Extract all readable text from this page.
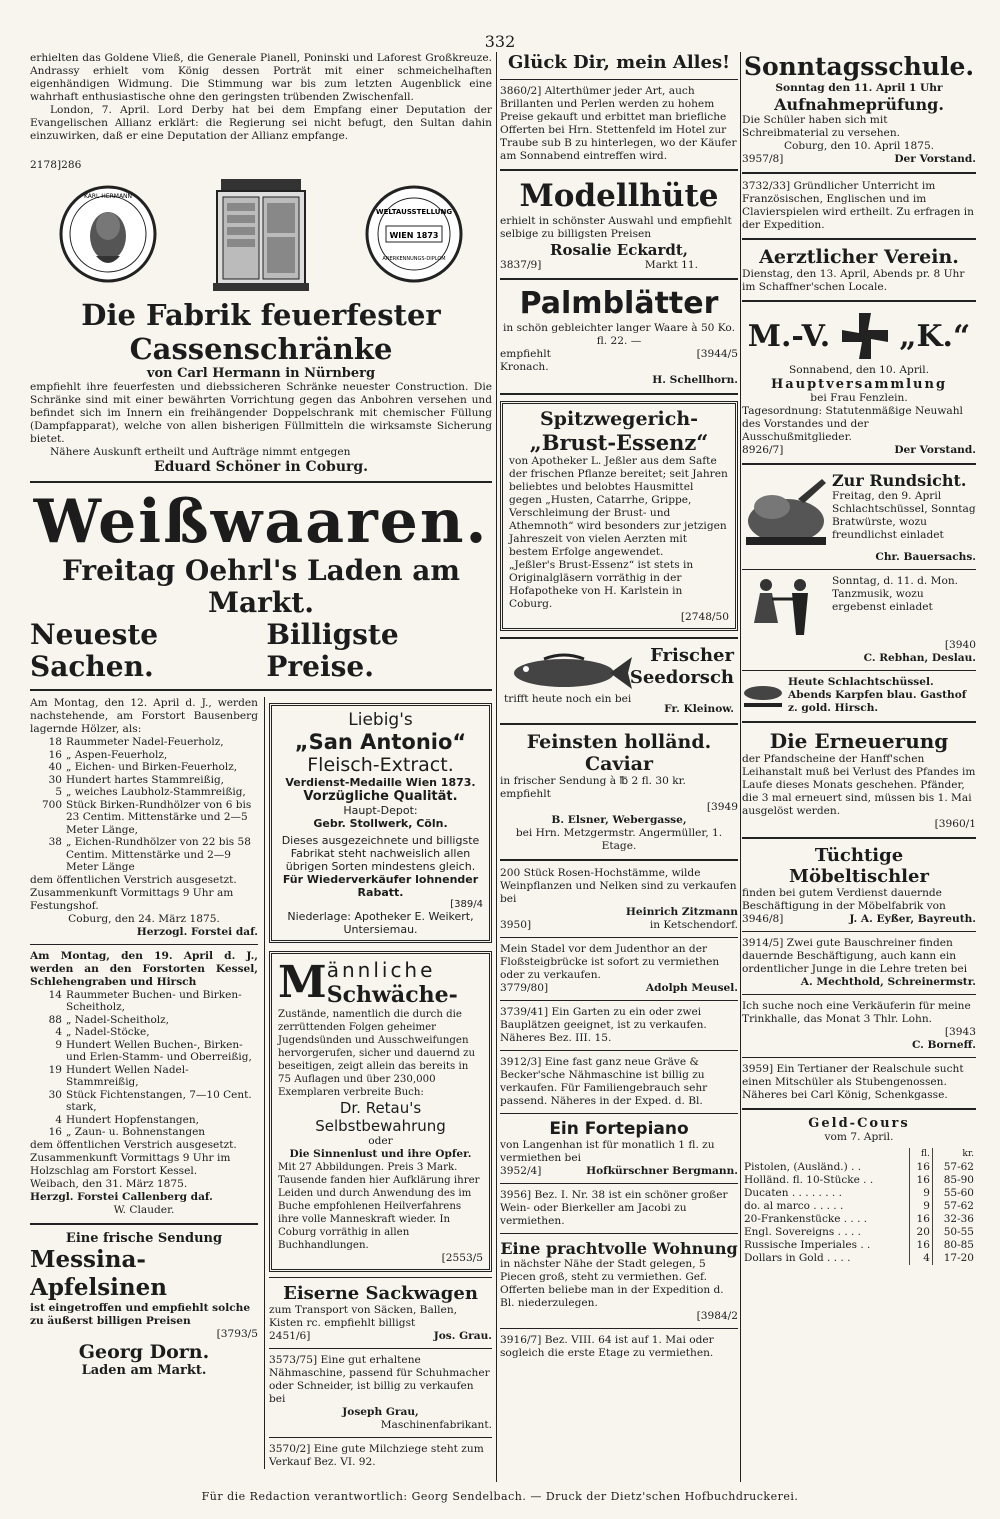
332

erhielten das Goldene Vließ, die Generale Pianell, Poninski und Laforest Großkreuze. Andrassy erhielt vom König dessen Porträt mit einer schmeichelhaften eigenhändigen Widmung. Die Stimmung war bis zum letzten Augenblick eine wahrhaft enthusiastische ohne den geringsten trübenden Zwischenfall.

London, 7. April. Lord Derby hat bei dem Empfang einer Deputation der Evangelischen Allianz erklärt: die Regierung sei nicht befugt, den Sultan dahin einzuwirken, daß er eine Deputation der Allianz empfange.

2178]286
KARL HERMANN
WELTAUSSTELLUNG
WIEN 1873
ANERKENNUNGS-DIPLOM
Die Fabrik feuerfester Cassenschränke
von Carl Hermann in Nürnberg
empfiehlt ihre feuerfesten und diebssicheren Schränke neuester Construction. Die Schränke sind mit einer bewährten Vorrichtung gegen das Anbohren versehen und befindet sich im Innern ein freihängender Doppelschrank mit chemischer Füllung (Dampfapparat), welche von allen bisherigen Füllmitteln die wirksamste Sicherung bietet.
Nähere Auskunft ertheilt und Aufträge nimmt entgegen
Eduard Schöner in Coburg.
Weißwaaren.
Freitag Oehrl's Laden am Markt.
Neueste Sachen.
Billigste Preise.
Am Montag, den 12. April d. J., werden nachstehende, am Forstort Bausenberg lagernde Hölzer, als:
18	Raummeter Nadel-Feuerholz,
16	„ Aspen-Feuerholz,
40	„ Eichen- und Birken-Feuerholz,
30	Hundert hartes Stammreißig,
5	„ weiches Laubholz-Stammreißig,
700	Stück Birken-Rundhölzer von 6 bis 23 Centim. Mittenstärke und 2—5 Meter Länge,
38	„ Eichen-Rundhölzer von 22 bis 58 Centim. Mittenstärke und 2—9 Meter Länge
dem öffentlichen Verstrich ausgesetzt. Zusammenkunft Vormittags 9 Uhr am Festungshof.
Coburg, den 24. März 1875.
Herzogl. Forstei daf.
Am Montag, den 19. April d. J., werden an den Forstorten Kessel, Schlehengraben und Hirsch
14	Raummeter Buchen- und Birken-Scheitholz,
88	„ Nadel-Scheitholz,
4	„ Nadel-Stöcke,
9	Hundert Wellen Buchen-, Birken- und Erlen-Stamm- und Oberreißig,
19	Hundert Wellen Nadel-Stammreißig,
30	Stück Fichtenstangen, 7—10 Cent. stark,
4	Hundert Hopfenstangen,
16	„ Zaun- u. Bohnenstangen
dem öffentlichen Verstrich ausgesetzt. Zusammenkunft Vormittags 9 Uhr im Holzschlag am Forstort Kessel.
Weibach, den 31. März 1875.
Herzgl. Forstei Callenberg daf.
W. Clauder.
Eine frische Sendung
Messina-Apfelsinen
ist eingetroffen und empfiehlt solche zu äußerst billigen Preisen
[3793/5
Georg Dorn.
Laden am Markt.
Liebig's
„San Antonio“
Fleisch-Extract.
Verdienst-Medaille Wien 1873.
Vorzügliche Qualität.
Haupt-Depot:
Gebr. Stollwerk, Cöln.
Dieses ausgezeichnete und billigste Fabrikat steht nachweislich allen übrigen Sorten mindestens gleich.
Für Wiederverkäufer lohnender Rabatt.
[389/4
Niederlage: Apotheker E. Weikert, Untersiemau.
M ännliche
Schwäche-
Zustände, namentlich die durch die zerrüttenden Folgen geheimer Jugendsünden und Ausschweifungen hervorgerufen, sicher und dauernd zu beseitigen, zeigt allein das bereits in 75 Auflagen und über 230,000 Exemplaren verbreite Buch:
Dr. Retau's Selbstbewahrung
oder
Die Sinnenlust und ihre Opfer.
Mit 27 Abbildungen. Preis 3 Mark. Tausende fanden hier Aufklärung ihrer Leiden und durch Anwendung des im Buche empfohlenen Heilverfahrens ihre volle Manneskraft wieder. In Coburg vorräthig in allen Buchhandlungen.
[2553/5
Eiserne Sackwagen
zum Transport von Säcken, Ballen, Kisten rc. empfiehlt billigst
2451/6]	Jos. Grau.
3573/75] Eine gut erhaltene Nähmaschine, passend für Schuhmacher oder Schneider, ist billig zu verkaufen bei
Joseph Grau,
Maschinenfabrikant.
3570/2] Eine gute Milchziege steht zum Verkauf Bez. VI. 92.
Glück Dir, mein Alles!
3860/2] Alterthümer jeder Art, auch Brillanten und Perlen werden zu hohem Preise gekauft und erbittet man briefliche Offerten bei Hrn. Stettenfeld im Hotel zur Traube sub B zu hinterlegen, wo der Käufer am Sonnabend eintreffen wird.
Modellhüte
erhielt in schönster Auswahl und empfiehlt selbige zu billigsten Preisen
Rosalie Eckardt,
3837/9]	Markt 11.
Palmblätter
in schön gebleichter langer Waare à 50 Ko. fl. 22. —
empfiehlt	[3944/5
Kronach.
H. Schellhorn.
Spitzwegerich-
„Brust-Essenz“
von Apotheker L. Jeßler aus dem Safte der frischen Pflanze bereitet; seit Jahren beliebtes und belobtes Hausmittel gegen „Husten, Catarrhe, Grippe, Verschleimung der Brust- und Athemnoth“ wird besonders zur jetzigen Jahreszeit von vielen Aerzten mit bestem Erfolge angewendet.
„Jeßler's Brust-Essenz“ ist stets in Originalgläsern vorräthig in der Hofapotheke von H. Karlstein in Coburg.
[2748/50
Frischer Seedorsch
trifft heute noch ein bei
Fr. Kleinow.
Feinsten holländ. Caviar
in frischer Sendung à ℔ 2 fl. 30 kr. empfiehlt
[3949
B. Elsner, Webergasse,
bei Hrn. Metzgermstr. Angermüller, 1. Etage.
200 Stück Rosen-Hochstämme, wilde Weinpflanzen und Nelken sind zu verkaufen bei
Heinrich Zitzmann
3950]	in Ketschendorf.
Mein Stadel vor dem Judenthor an der Floßsteigbrücke ist sofort zu vermiethen oder zu verkaufen.
3779/80]	Adolph Meusel.
3739/41] Ein Garten zu ein oder zwei Bauplätzen geeignet, ist zu verkaufen. Näheres Bez. III. 15.
3912/3] Eine fast ganz neue Gräve & Becker'sche Nähmaschine ist billig zu verkaufen. Für Familiengebrauch sehr passend. Näheres in der Exped. d. Bl.
Ein Fortepiano
von Langenhan ist für monatlich 1 fl. zu vermiethen bei
3952/4]	Hofkürschner Bergmann.
3956] Bez. I. Nr. 38 ist ein schöner großer Wein- oder Bierkeller am Jacobi zu vermiethen.
Eine prachtvolle Wohnung
in nächster Nähe der Stadt gelegen, 5 Piecen groß, steht zu vermiethen. Gef. Offerten beliebe man in der Expedition d. Bl. niederzulegen.
[3984/2
3916/7] Bez. VIII. 64 ist auf 1. Mai oder sogleich die erste Etage zu vermiethen.
Sonntagsschule.
Sonntag den 11. April 1 Uhr
Aufnahmeprüfung.
Die Schüler haben sich mit Schreibmaterial zu versehen.
Coburg, den 10. April 1875.
3957/8]	Der Vorstand.
3732/33] Gründlicher Unterricht im Französischen, Englischen und im Clavierspielen wird ertheilt. Zu erfragen in der Expedition.
Aerztlicher Verein.
Dienstag, den 13. April, Abends pr. 8 Uhr im Schaffner'schen Locale.
M.-V. „K.“
Sonnabend, den 10. April.
Hauptversammlung
bei Frau Fenzlein.
Tagesordnung: Statutenmäßige Neuwahl des Vorstandes und der Ausschußmitglieder.
8926/7]	Der Vorstand.
Zur Rundsicht.
Freitag, den 9. April Schlachtschüssel, Sonntag Bratwürste, wozu freundlichst einladet
Chr. Bauersachs.
Sonntag, d. 11. d. Mon. Tanzmusik, wozu ergebenst einladet
[3940
C. Rebhan, Deslau.
Heute Schlachtschüssel. Abends Karpfen blau. Gasthof z. gold. Hirsch.
Die Erneuerung
der Pfandscheine der Hanff'schen Leihanstalt muß bei Verlust des Pfandes im Laufe dieses Monats geschehen. Pfänder, die 3 mal erneuert sind, müssen bis 1. Mai ausgelöst werden.
[3960/1
Tüchtige Möbeltischler
finden bei gutem Verdienst dauernde Beschäftigung in der Möbelfabrik von
3946/8]	J. A. Eyßer, Bayreuth.
3914/5] Zwei gute Bauschreiner finden dauernde Beschäftigung, auch kann ein ordentlicher Junge in die Lehre treten bei
A. Mechthold, Schreinermstr.
Ich suche noch eine Verkäuferin für meine Trinkhalle, das Monat 3 Thlr. Lohn.
[3943
C. Borneff.
3959] Ein Tertianer der Realschule sucht einen Mitschüler als Stubengenossen. Näheres bei Carl König, Schenkgasse.
Geld-Cours
vom 7. April.
	fl.	kr.
Pistolen, (Ausländ.) . .	16	57-62
Holländ. fl. 10-Stücke . .	16	85-90
Ducaten . . . . . . . .	9	55-60
do. al marco . . . . .	9	57-62
20-Frankenstücke . . . .	16	32-36
Engl. Sovereigns . . . .	20	50-55
Russische Imperiales . .	16	80-85
Dollars in Gold . . . .	4	17-20
Für die Redaction verantwortlich: Georg Sendelbach. — Druck der Dietz'schen Hofbuchdruckerei.
